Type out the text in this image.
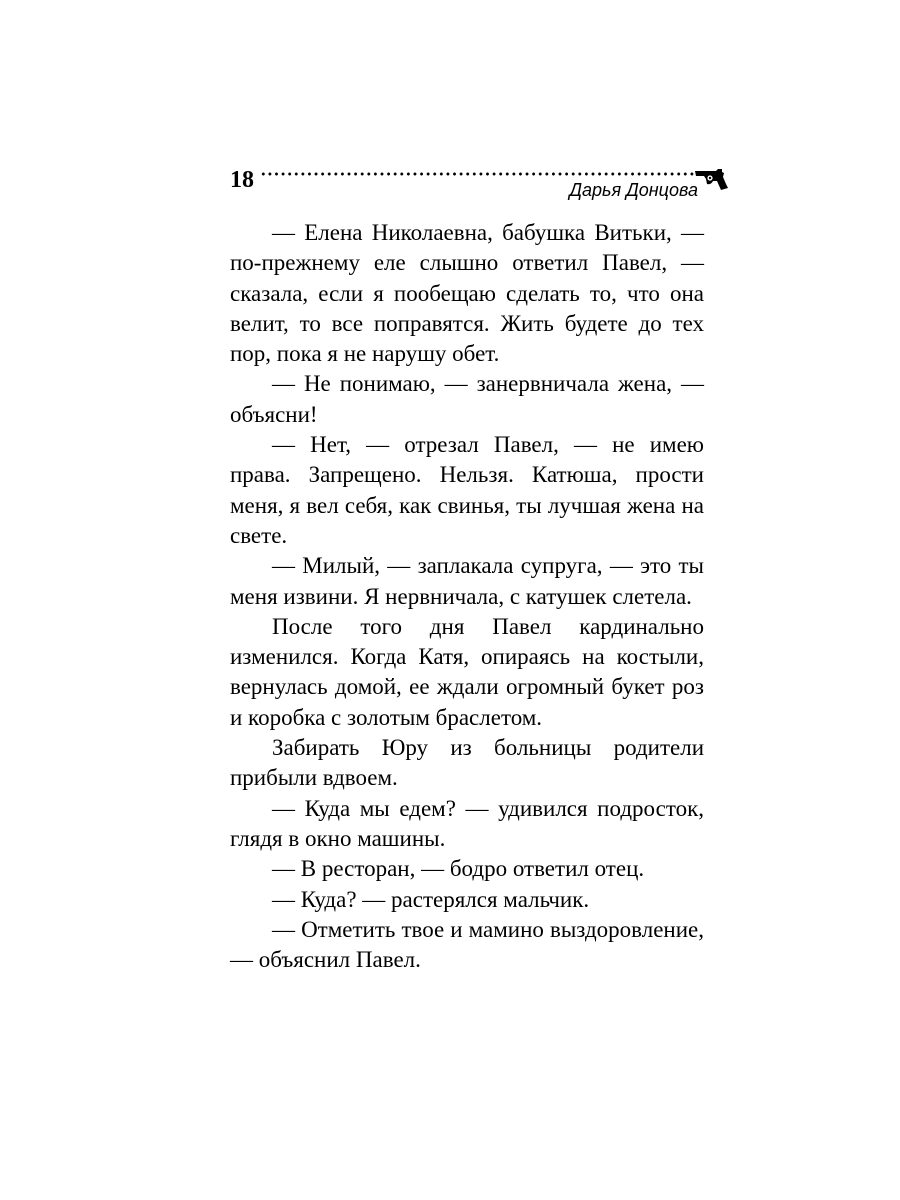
18	Дарья Донцова

— Елена Николаевна, бабушка Витьки, — по-прежнему еле слышно ответил Павел, — сказала, если я пообещаю сделать то, что она велит, то все поправятся. Жить будете до тех пор, пока я не нарушу обет.

— Не понимаю, — занервничала жена, — объясни!

— Нет, — отрезал Павел, — не имею права. Запрещено. Нельзя. Катюша, прости меня, я вел себя, как свинья, ты лучшая жена на свете.

— Милый, — заплакала супруга, — это ты меня извини. Я нервничала, с катушек слетела.

После того дня Павел кардинально изменился. Когда Катя, опираясь на костыли, вернулась домой, ее ждали огромный букет роз и коробка с золотым браслетом.

Забирать Юру из больницы родители прибыли вдвоем.

— Куда мы едем? — удивился подросток, глядя в окно машины.

— В ресторан, — бодро ответил отец.

— Куда? — растерялся мальчик.

— Отметить твое и мамино выздоровление, — объяснил Павел.
